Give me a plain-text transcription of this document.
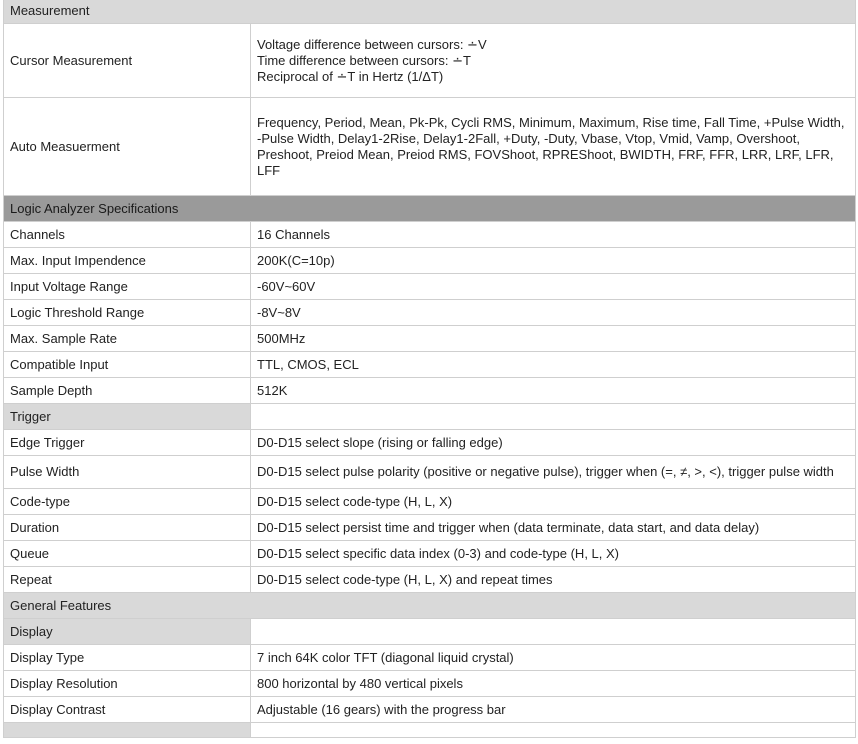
Measurement	
Cursor Measurement	Voltage difference between cursors: ∸V
Time difference between cursors: ∸T
Reciprocal of ∸T in Hertz (1/ΔT)

Auto Measuerment	Frequency, Period, Mean, Pk-Pk, Cycli RMS, Minimum, Maximum, Rise time, Fall Time, +Pulse Width, -Pulse Width, Delay1-2Rise, Delay1-2Fall, +Duty, -Duty, Vbase, Vtop, Vmid, Vamp, Overshoot, Preshoot, Preiod Mean, Preiod RMS, FOVShoot, RPREShoot, BWIDTH, FRF, FFR, LRR, LRF, LFR, LFF
Logic Analyzer Specifications	
Channels	16 Channels
Max. Input Impendence	200K(C=10p)
Input Voltage Range	-60V~60V
Logic Threshold Range	-8V~8V
Max. Sample Rate	500MHz
Compatible Input	TTL, CMOS, ECL
Sample Depth	512K
Trigger	
Edge Trigger	D0-D15 select slope (rising or falling edge)
Pulse Width	D0-D15 select pulse polarity (positive or negative pulse), trigger when (=, ≠, >, <), trigger pulse width
Code-type	D0-D15 select code-type (H, L, X)
Duration	D0-D15 select persist time and trigger when (data terminate, data start, and data delay)
Queue	D0-D15 select specific data index (0-3) and code-type (H, L, X)
Repeat	D0-D15 select code-type (H, L, X) and repeat times
General Features	
Display	
Display Type	7 inch 64K color TFT (diagonal liquid crystal)
Display Resolution	800 horizontal by 480 vertical pixels
Display Contrast	Adjustable (16 gears) with the progress bar
